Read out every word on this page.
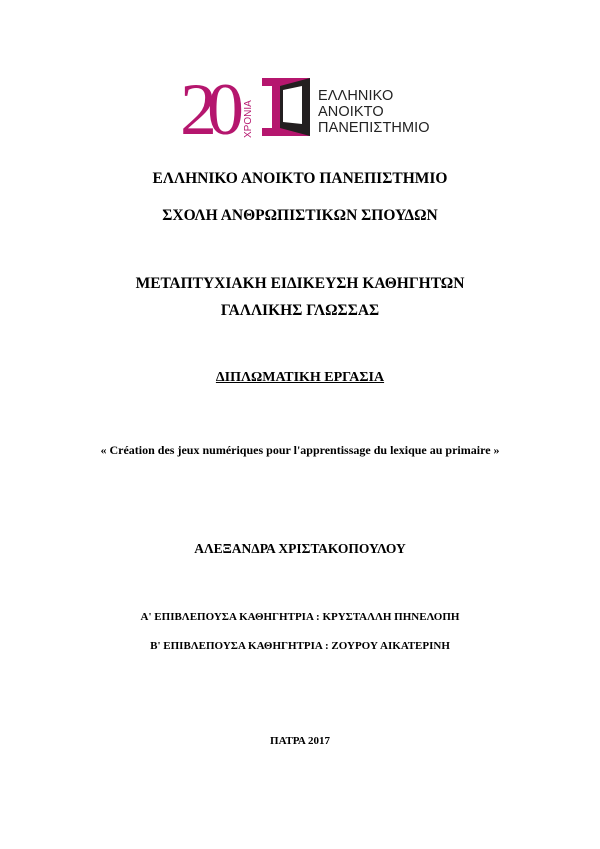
20 ΧΡΟΝΙΑ
ΕΛΛΗΝΙΚΟ
ΑΝΟΙΚΤΟ
ΠΑΝΕΠΙΣΤΗΜΙΟ
ΕΛΛΗΝΙΚΟ ΑΝΟΙΚΤΟ ΠΑΝΕΠΙΣΤΗΜΙΟ
ΣΧΟΛΗ ΑΝΘΡΩΠΙΣΤΙΚΩΝ ΣΠΟΥΔΩΝ
ΜΕΤΑΠΤΥΧΙΑΚΗ ΕΙΔΙΚΕΥΣΗ ΚΑΘΗΓΗΤΩΝ
ΓΑΛΛΙΚΗΣ ΓΛΩΣΣΑΣ
ΔΙΠΛΩΜΑΤΙΚΗ ΕΡΓΑΣΙΑ
« Création des jeux numériques pour l'apprentissage du lexique au primaire »
ΑΛΕΞΑΝΔΡΑ ΧΡΙΣΤΑΚΟΠΟΥΛΟΥ
Α' ΕΠΙΒΛΕΠΟΥΣΑ ΚΑΘΗΓΗΤΡΙΑ : ΚΡΥΣΤΑΛΛΗ ΠΗΝΕΛΟΠΗ
Β' ΕΠΙΒΛΕΠΟΥΣΑ ΚΑΘΗΓΗΤΡΙΑ : ΖΟΥΡΟΥ ΑΙΚΑΤΕΡΙΝΗ
ΠΑΤΡΑ 2017
